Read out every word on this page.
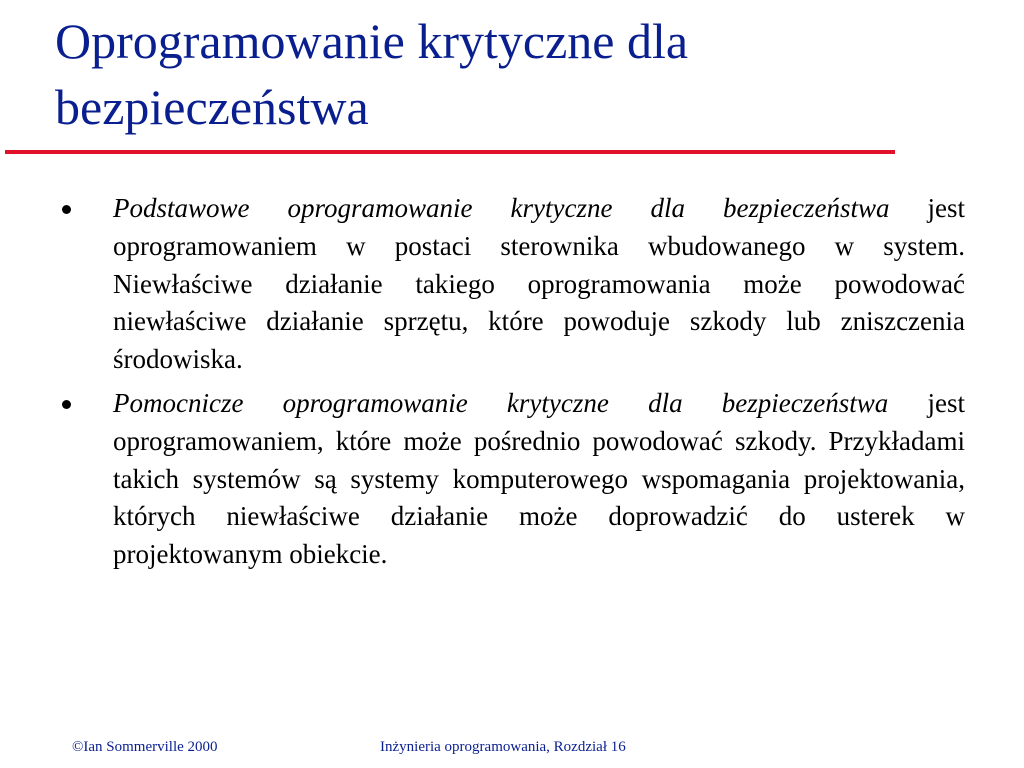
Oprogramowanie krytyczne dla bezpieczeństwa
Podstawowe oprogramowanie krytyczne dla bezpieczeństwa jest oprogramowaniem w postaci sterownika wbudowanego w system. Niewłaściwe działanie takiego oprogramowania może powodować niewłaściwe działanie sprzętu, które powoduje szkody lub zniszczenia środowiska.
Pomocnicze oprogramowanie krytyczne dla bezpieczeństwa jest oprogramowaniem, które może pośrednio powodować szkody. Przykładami takich systemów są systemy komputerowego wspomagania projektowania, których niewłaściwe działanie może doprowadzić do usterek w projektowanym obiekcie.
©Ian Sommerville 2000	Inżynieria oprogramowania, Rozdział 16
